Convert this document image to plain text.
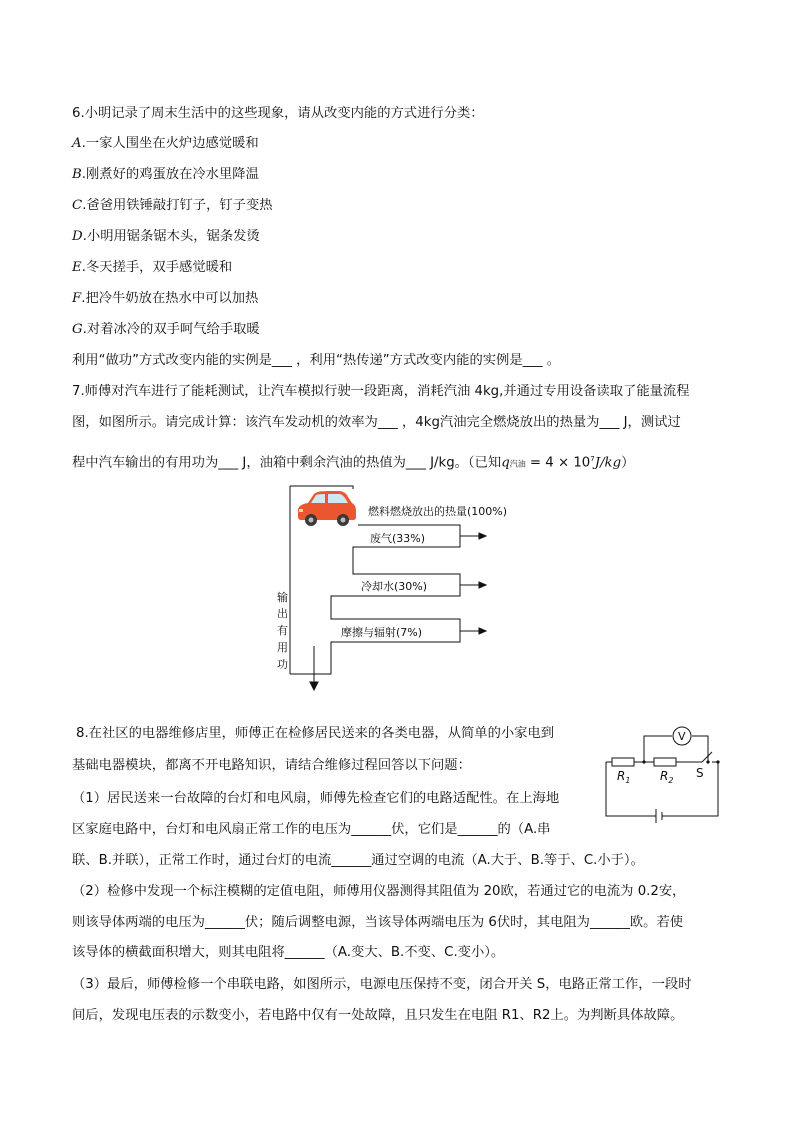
6.小明记录了周末生活中的这些现象，请从改变内能的方式进行分类：
A.一家人围坐在火炉边感觉暖和
B.刚煮好的鸡蛋放在冷水里降温
C.爸爸用铁锤敲打钉子，钉子变热
D.小明用锯条锯木头，锯条发烫
E.冬天搓手，双手感觉暖和
F.把冷牛奶放在热水中可以加热
G.对着冰冷的双手呵气给手取暖
利用“做功”方式改变内能的实例是___ ，利用“热传递”方式改变内能的实例是___ 。
7.师傅对汽车进行了能耗测试，让汽车模拟行驶一段距离，消耗汽油 4kg,并通过专用设备读取了能量流程
图，如图所示。请完成计算：该汽车发动机的效率为___ ，4kg汽油完全燃烧放出的热量为___ J，测试过
程中汽车输出的有用功为___ J，油箱中剩余汽油的热值为___ J/kg。（已知q汽油 = $4 \times 10^7J/kg$）
燃料燃烧放出的热量(100%)
废气(33%)
冷却水(30%)
摩擦与辐射(7%)
输
出
有
用
功
8.在社区的电器维修店里，师傅正在检修居民送来的各类电器，从简单的小家电到
基础电器模块，都离不开电路知识，请结合维修过程回答以下问题：
（1）居民送来一台故障的台灯和电风扇，师傅先检查它们的电路适配性。在上海地
区家庭电路中，台灯和电风扇正常工作的电压为______伏，它们是______的（A.串
联、B.并联），正常工作时，通过台灯的电流______通过空调的电流（A.大于、B.等于、C.小于）。
（2）检修中发现一个标注模糊的定值电阻，师傅用仪器测得其阻值为 20欧，若通过它的电流为 0.2安，
则该导体两端的电压为______伏；随后调整电源，当该导体两端电压为 6伏时，其电阻为______欧。若使
该导体的横截面积增大，则其电阻将______（A.变大、B.不变、C.变小）。
（3）最后，师傅检修一个串联电路，如图所示，电源电压保持不变，闭合开关 S，电路正常工作，一段时
间后，发现电压表的示数变小，若电路中仅有一处故障，且只发生在电阻 R1、R2上。为判断具体故障。
V
$R_1$ $R_2$
S
